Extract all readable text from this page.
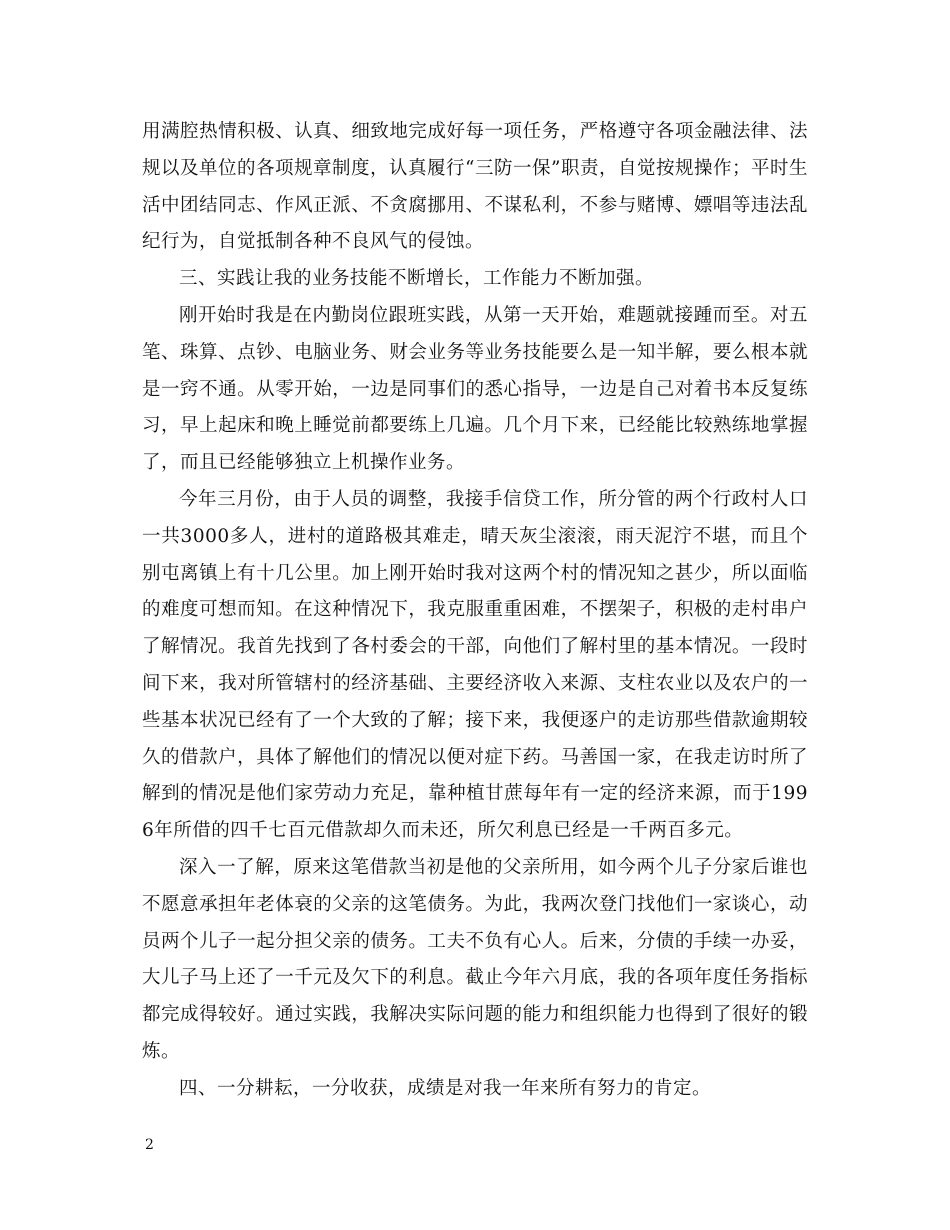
用满腔热情积极、认真、细致地完成好每一项任务，严格遵守各项金融法律、法规以及单位的各项规章制度，认真履行“三防一保”职责，自觉按规操作；平时生活中团结同志、作风正派、不贪腐挪用、不谋私利，不参与赌博、嫖唱等违法乱纪行为，自觉抵制各种不良风气的侵蚀。

三、实践让我的业务技能不断增长，工作能力不断加强。

刚开始时我是在内勤岗位跟班实践，从第一天开始，难题就接踵而至。对五笔、珠算、点钞、电脑业务、财会业务等业务技能要么是一知半解，要么根本就是一窍不通。从零开始，一边是同事们的悉心指导，一边是自己对着书本反复练习，早上起床和晚上睡觉前都要练上几遍。几个月下来，已经能比较熟练地掌握了，而且已经能够独立上机操作业务。

今年三月份，由于人员的调整，我接手信贷工作，所分管的两个行政村人口一共3000多人，进村的道路极其难走，晴天灰尘滚滚，雨天泥泞不堪，而且个别屯离镇上有十几公里。加上刚开始时我对这两个村的情况知之甚少，所以面临的难度可想而知。在这种情况下，我克服重重困难，不摆架子，积极的走村串户了解情况。我首先找到了各村委会的干部，向他们了解村里的基本情况。一段时间下来，我对所管辖村的经济基础、主要经济收入来源、支柱农业以及农户的一些基本状况已经有了一个大致的了解；接下来，我便逐户的走访那些借款逾期较久的借款户，具体了解他们的情况以便对症下药。马善国一家，在我走访时所了解到的情况是他们家劳动力充足，靠种植甘蔗每年有一定的经济来源，而于1996年所借的四千七百元借款却久而未还，所欠利息已经是一千两百多元。

深入一了解，原来这笔借款当初是他的父亲所用，如今两个儿子分家后谁也不愿意承担年老体衰的父亲的这笔债务。为此，我两次登门找他们一家谈心，动员两个儿子一起分担父亲的债务。工夫不负有心人。后来，分债的手续一办妥，大儿子马上还了一千元及欠下的利息。截止今年六月底，我的各项年度任务指标都完成得较好。通过实践，我解决实际问题的能力和组织能力也得到了很好的锻炼。

四、一分耕耘，一分收获，成绩是对我一年来所有努力的肯定。

2
